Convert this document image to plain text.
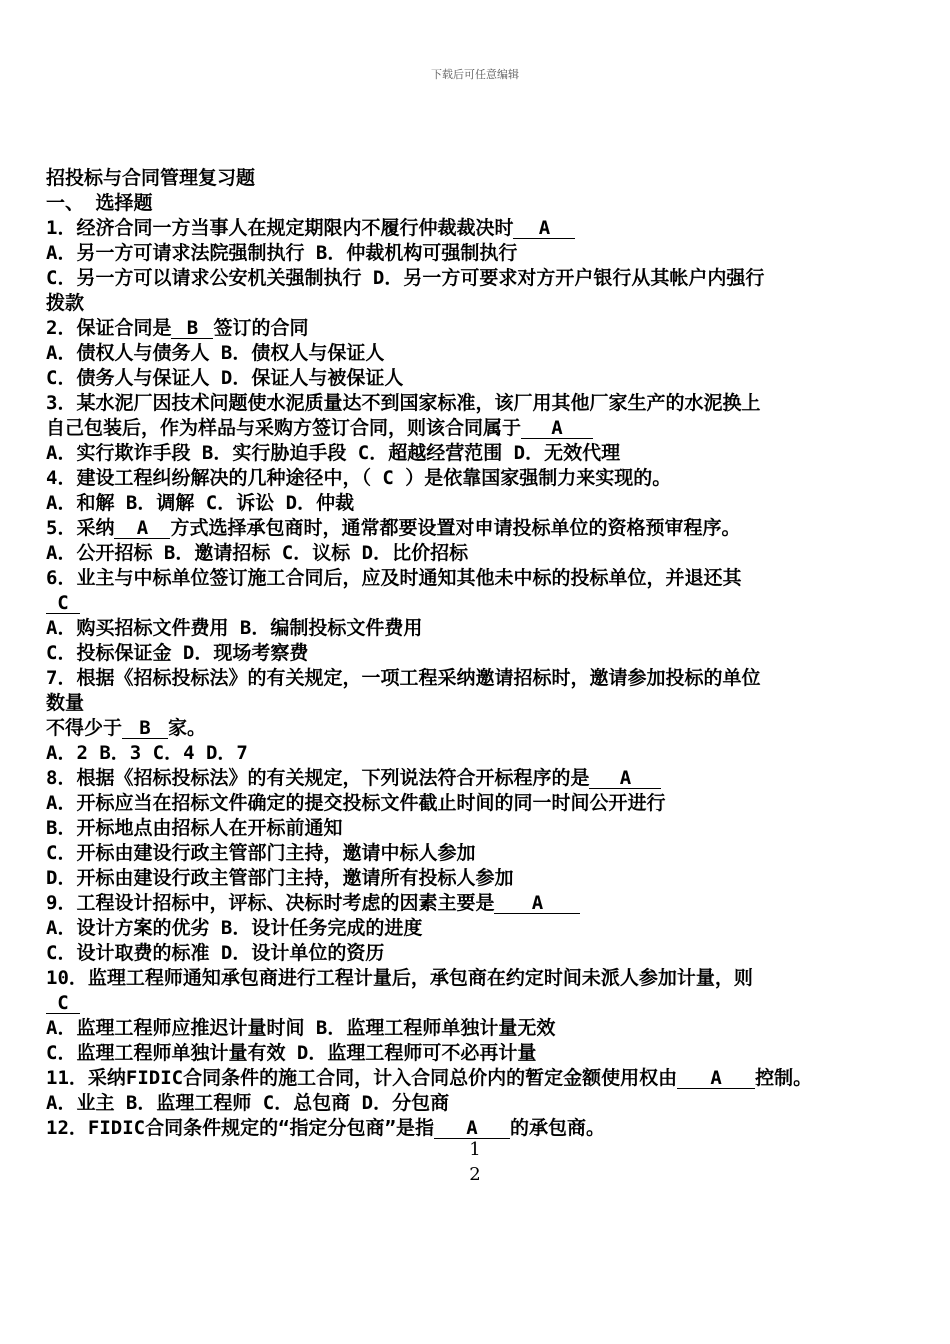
下载后可任意编辑
招投标与合同管理复习题
一、 选择题
1．经济合同一方当事人在规定期限内不履行仲裁裁决时 A
A．另一方可请求法院强制执行 B．仲裁机构可强制执行
C．另一方可以请求公安机关强制执行 D．另一方可要求对方开户银行从其帐户内强行
拨款
2．保证合同是 B 签订的合同
A．债权人与债务人 B．债权人与保证人
C．债务人与保证人 D．保证人与被保证人
3．某水泥厂因技术问题使水泥质量达不到国家标准，该厂用其他厂家生产的水泥换上
自己包装后，作为样品与采购方签订合同，则该合同属于 A
A．实行欺诈手段 B．实行胁迫手段 C．超越经营范围 D．无效代理
4．建设工程纠纷解决的几种途径中，（ C ）是依靠国家强制力来实现的。
A．和解 B．调解 C．诉讼 D．仲裁
5．采纳 A 方式选择承包商时，通常都要设置对申请投标单位的资格预审程序。
A．公开招标 B．邀请招标 C．议标 D．比价招标
6．业主与中标单位签订施工合同后，应及时通知其他未中标的投标单位，并退还其
C
A．购买招标文件费用 B．编制投标文件费用
C．投标保证金 D．现场考察费
7．根据《招标投标法》的有关规定，一项工程采纳邀请招标时，邀请参加投标的单位
数量
不得少于 B 家。
A．2 B．3 C．4 D．7
8．根据《招标投标法》的有关规定，下列说法符合开标程序的是 A
A．开标应当在招标文件确定的提交投标文件截止时间的同一时间公开进行
B．开标地点由招标人在开标前通知
C．开标由建设行政主管部门主持，邀请中标人参加
D．开标由建设行政主管部门主持，邀请所有投标人参加
9．工程设计招标中，评标、决标时考虑的因素主要是 A
A．设计方案的优劣 B．设计任务完成的进度
C．设计取费的标准 D．设计单位的资历
10．监理工程师通知承包商进行工程计量后，承包商在约定时间未派人参加计量，则
C
A．监理工程师应推迟计量时间 B．监理工程师单独计量无效
C．监理工程师单独计量有效 D．监理工程师可不必再计量
11．采纳FIDIC合同条件的施工合同，计入合同总价内的暂定金额使用权由 A 控制。
A．业主 B．监理工程师 C．总包商 D．分包商
12．FIDIC合同条件规定的“指定分包商”是指 A 的承包商。
1
2
